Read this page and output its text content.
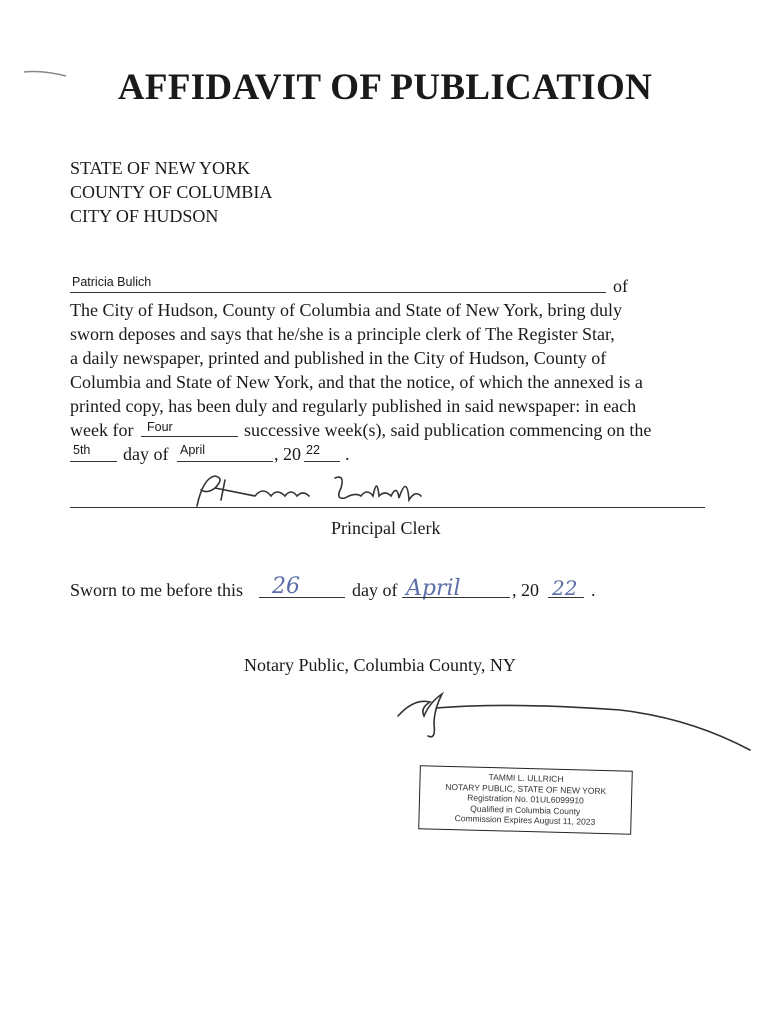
AFFIDAVIT OF PUBLICATION
STATE OF NEW YORK
COUNTY OF COLUMBIA
CITY OF HUDSON
Patricia Bulich	of
The City of Hudson, County of Columbia and State of New York, bring duly
sworn deposes and says that he/she is a principle clerk of The Register Star,
a daily newspaper, printed and published in the City of Hudson, County of
Columbia and State of New York, and that the notice, of which the annexed is a
printed copy, has been duly and regularly published in said newspaper: in each
week for Four	successive week(s), said publication commencing on the
5th day of April	, 20 22 .
Principal Clerk
Sworn to me before this 26	day of April	, 20 22 .
Notary Public, Columbia County, NY
TAMMI L. ULLRICH
NOTARY PUBLIC, STATE OF NEW YORK
Registration No. 01UL6099910
Qualified in Columbia County
Commission Expires August 11, 2023
